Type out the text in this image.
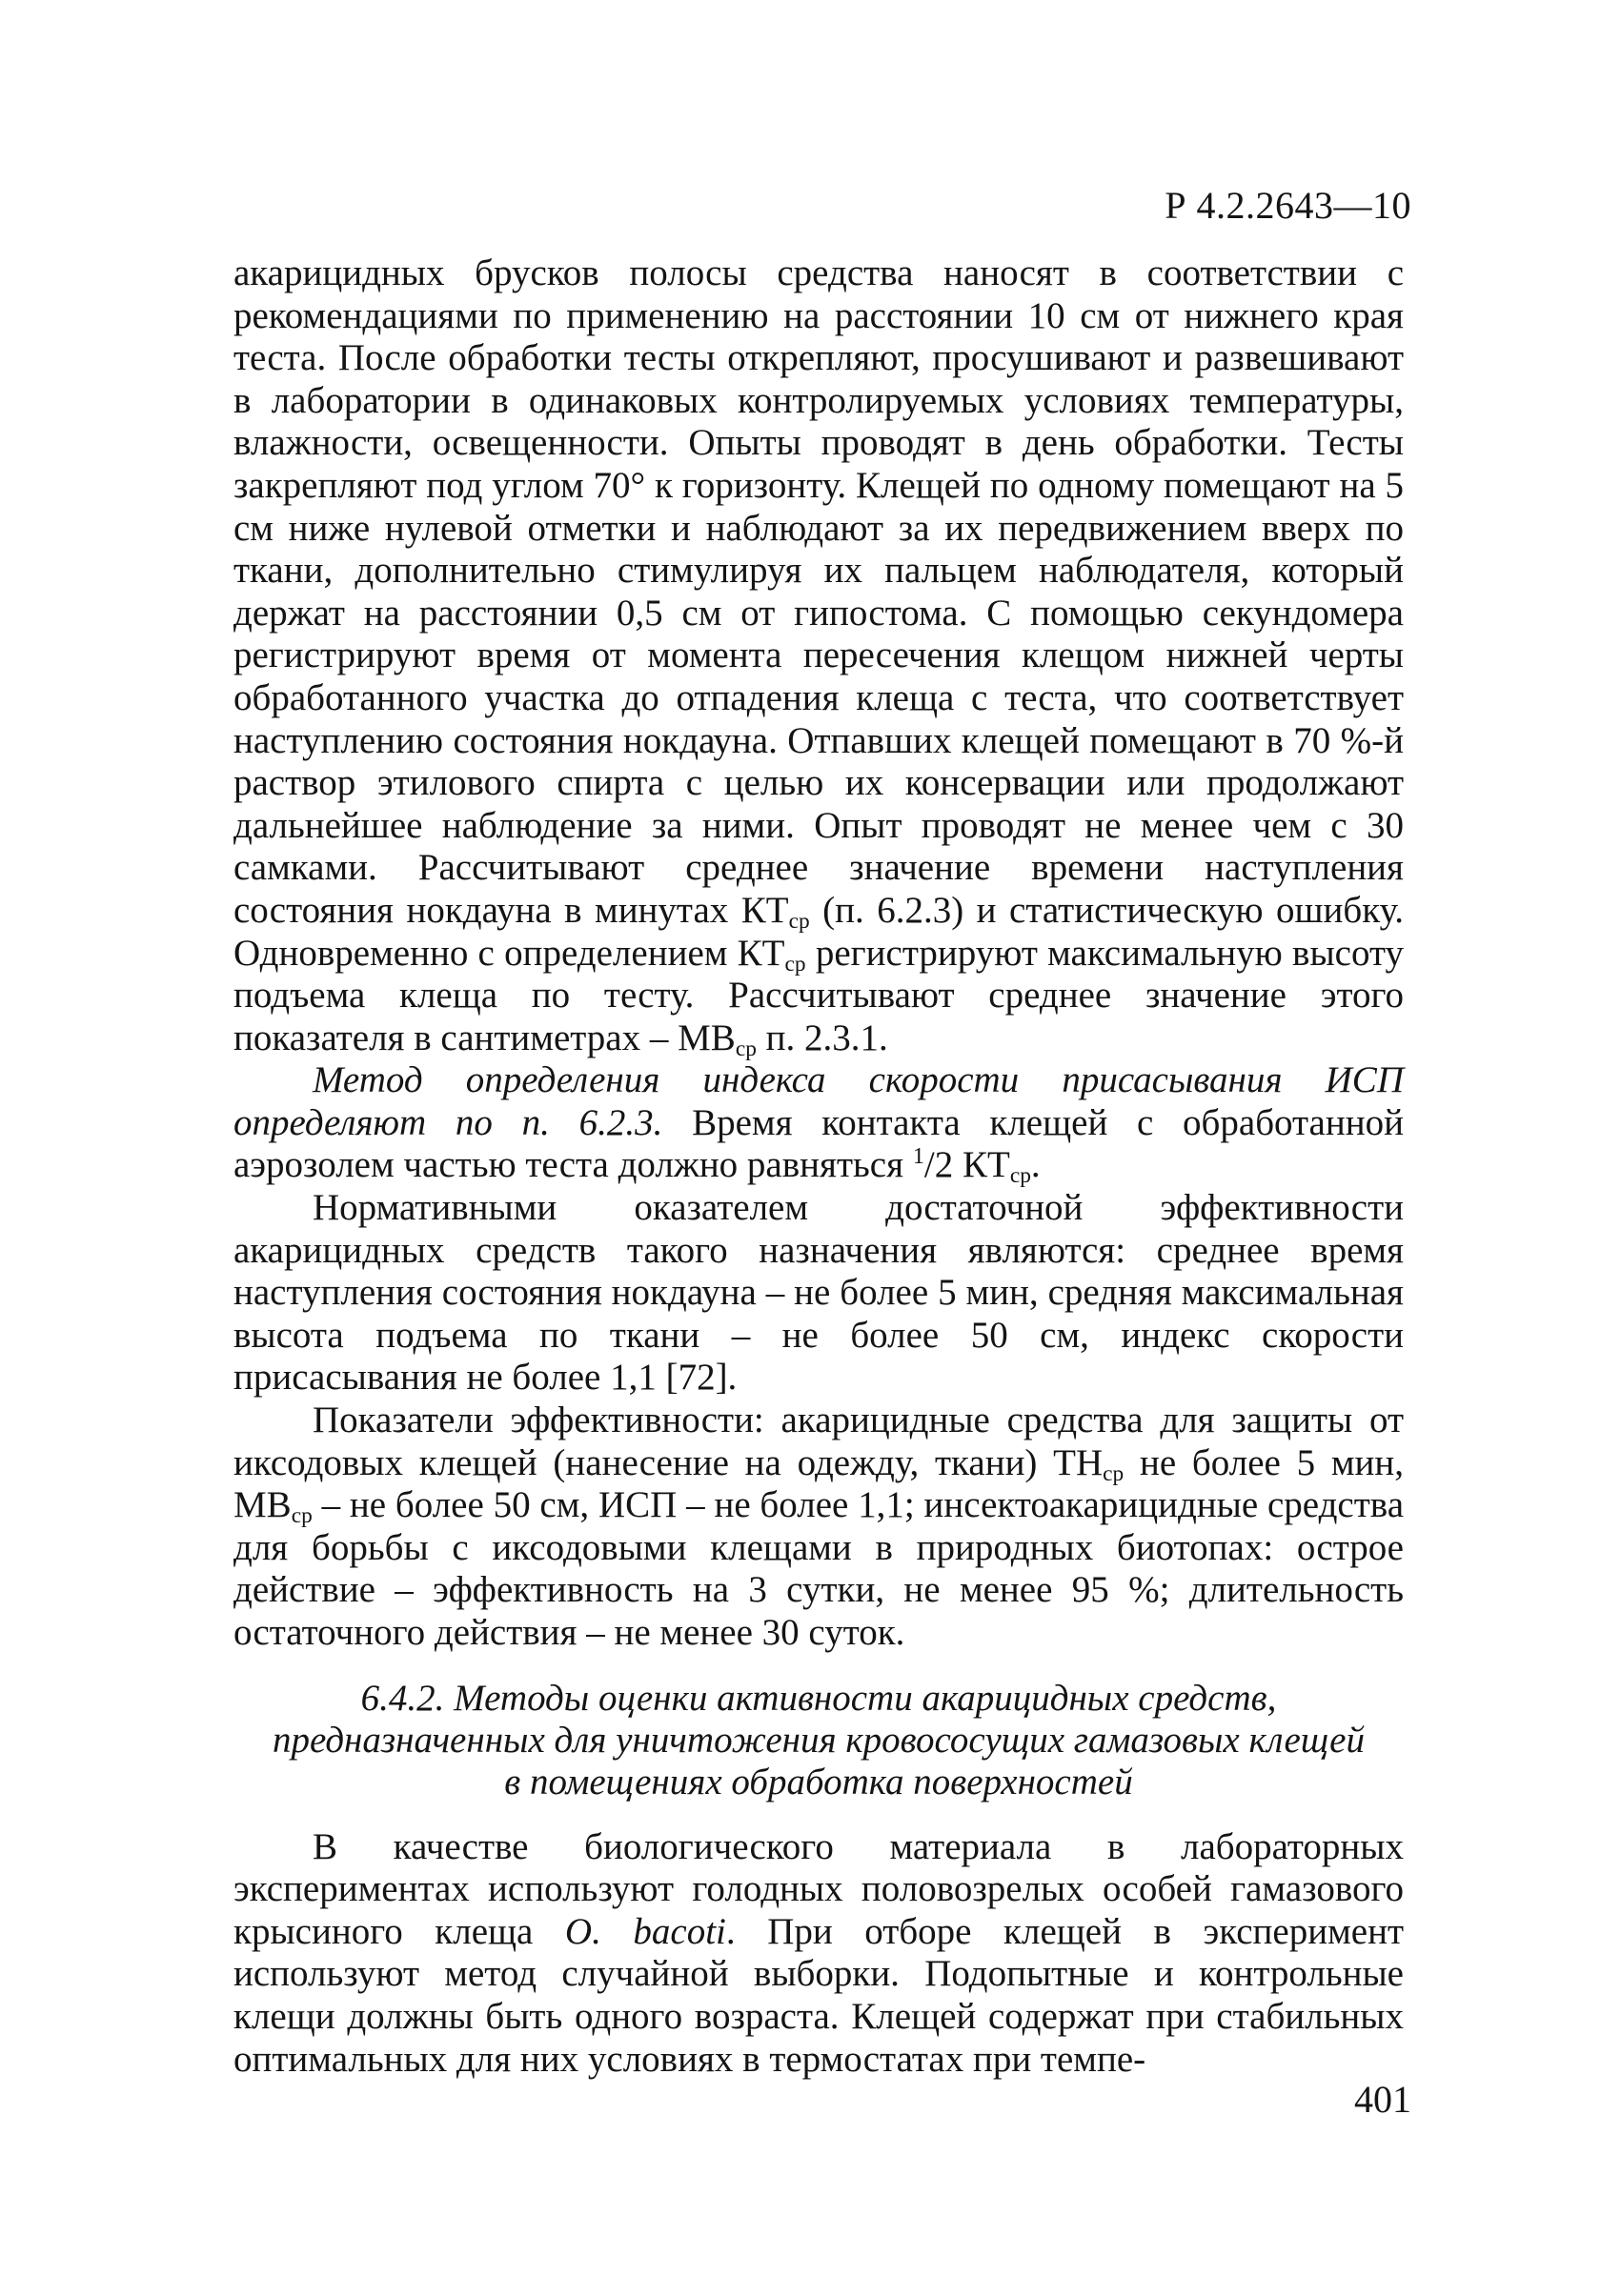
Р 4.2.2643—10

акарицидных брусков полосы средства наносят в соответствии с рекомендациями по применению на расстоянии 10 см от нижнего края теста. После обработки тесты открепляют, просушивают и развешивают в лаборатории в одинаковых контролируемых условиях температуры, влажности, освещенности. Опыты проводят в день обработки. Тесты закрепляют под углом 70° к горизонту. Клещей по одному помещают на 5 см ниже нулевой отметки и наблюдают за их передвижением вверх по ткани, дополнительно стимулируя их пальцем наблюдателя, который держат на расстоянии 0,5 см от гипостома. С помощью секундомера регистрируют время от момента пересечения клещом нижней черты обработанного участка до отпадения клеща с теста, что соответствует наступлению состояния нокдауна. Отпавших клещей помещают в 70 %-й раствор этилового спирта с целью их консервации или продолжают дальнейшее наблюдение за ними. Опыт проводят не менее чем с 30 самками. Рассчитывают среднее значение времени наступления состояния нокдауна в минутах $КТ_{ср}$ (п. 6.2.3) и статистическую ошибку. Одновременно с определением $КТ_{ср}$ регистрируют максимальную высоту подъема клеща по тесту. Рассчитывают среднее значение этого показателя в сантиметрах – $МВ_{ср}$ п. 2.3.1.

Метод определения индекса скорости присасывания ИСП определяют по п. 6.2.3. Время контакта клещей с обработанной аэрозолем частью теста должно равняться $^1$/2 $КТ_{ср}$.

Нормативными оказателем достаточной эффективности акарицидных средств такого назначения являются: среднее время наступления состояния нокдауна – не более 5 мин, средняя максимальная высота подъема по ткани – не более 50 см, индекс скорости присасывания не более 1,1 [72].

Показатели эффективности: акарицидные средства для защиты от иксодовых клещей (нанесение на одежду, ткани) $ТН_{ср}$ не более 5 мин, $МВ_{ср}$ – не более 50 см, ИСП – не более 1,1; инсектоакарицидные средства для борьбы с иксодовыми клещами в природных биотопах: острое действие – эффективность на 3 сутки, не менее 95 %; длительность остаточного действия – не менее 30 суток.

6.4.2. Методы оценки активности акарицидных средств,
предназначенных для уничтожения кровососущих гамазовых клещей
в помещениях обработка поверхностей

В качестве биологического материала в лабораторных экспериментах используют голодных половозрелых особей гамазового крысиного клеща O. bacoti. При отборе клещей в эксперимент используют метод случайной выборки. Подопытные и контрольные клещи должны быть одного возраста. Клещей содержат при стабильных оптимальных для них условиях в термостатах при темпе-

401
